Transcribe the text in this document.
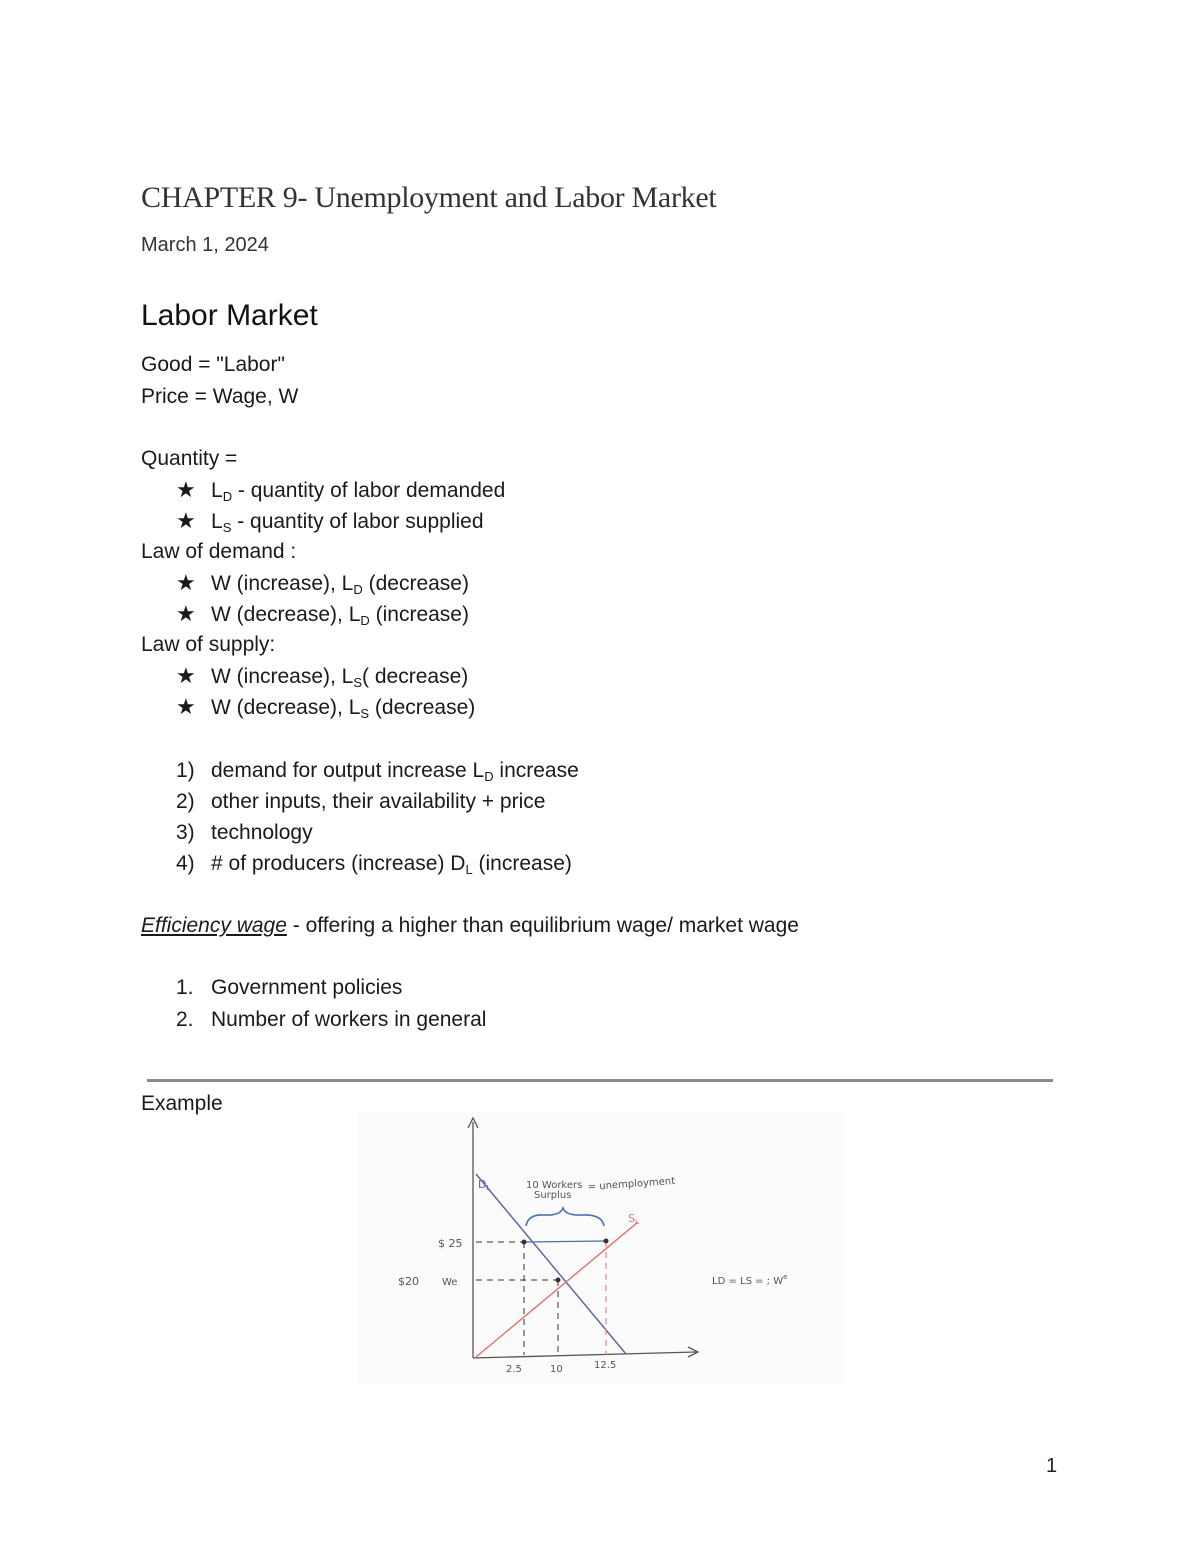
CHAPTER 9- Unemployment and Labor Market
March 1, 2024
Labor Market
Good = "Labor"
Price = Wage, W
Quantity =
★ $L_D$ - quantity of labor demanded
★ $L_S$ - quantity of labor supplied
Law of demand :
★ W (increase), $L_D$ (decrease)
★ W (decrease), $L_D$ (increase)
Law of supply:
★ W (increase), $L_S$( decrease)
★ W (decrease), $L_S$ (decrease)
1) demand for output increase $L_D$ increase
2) other inputs, their availability + price
3) technology
4) # of producers (increase) $D_L$ (increase)
Efficiency wage - offering a higher than equilibrium wage/ market wage
1. Government policies
2. Number of workers in general
Example
DL
SL
10 Workers
Surplus
= unemployment
$ 25
$20 We
2.5	10	12.5
LD = LS = ; $W^e$
1
